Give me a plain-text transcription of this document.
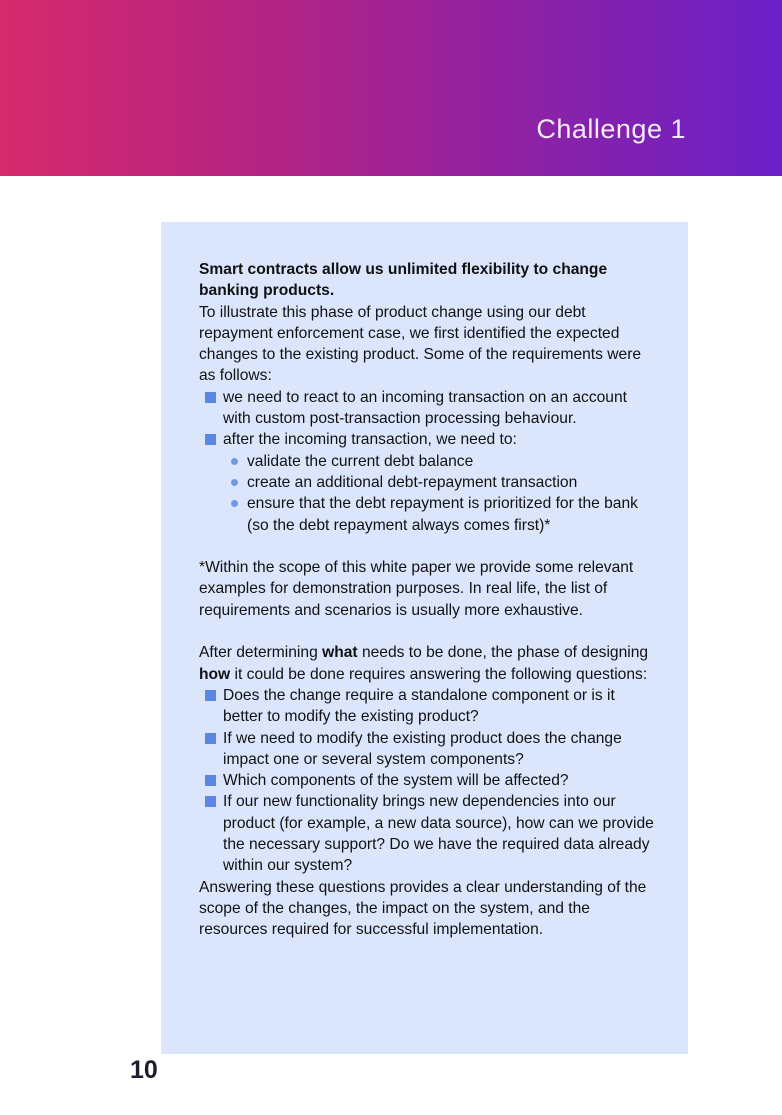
Challenge 1

Smart contracts allow us unlimited flexibility to change banking products.

To illustrate this phase of product change using our debt repayment enforcement case, we first identified the expected changes to the existing product. Some of the requirements were as follows:

we need to react to an incoming transaction on an account with custom post-transaction processing behaviour.
after the incoming transaction, we need to:
validate the current debt balance
create an additional debt-repayment transaction
ensure that the debt repayment is prioritized for the bank (so the debt repayment always comes first)*

*Within the scope of this white paper we provide some relevant examples for demonstration purposes. In real life, the list of requirements and scenarios is usually more exhaustive.

After determining what needs to be done, the phase of designing how it could be done requires answering the following questions:

Does the change require a standalone component or is it better to modify the existing product?
If we need to modify the existing product does the change impact one or several system components?
Which components of the system will be affected?
If our new functionality brings new dependencies into our product (for example, a new data source), how can we provide the necessary support? Do we have the required data already within our system?

Answering these questions provides a clear understanding of the scope of the changes, the impact on the system, and the resources required for successful implementation.

10
